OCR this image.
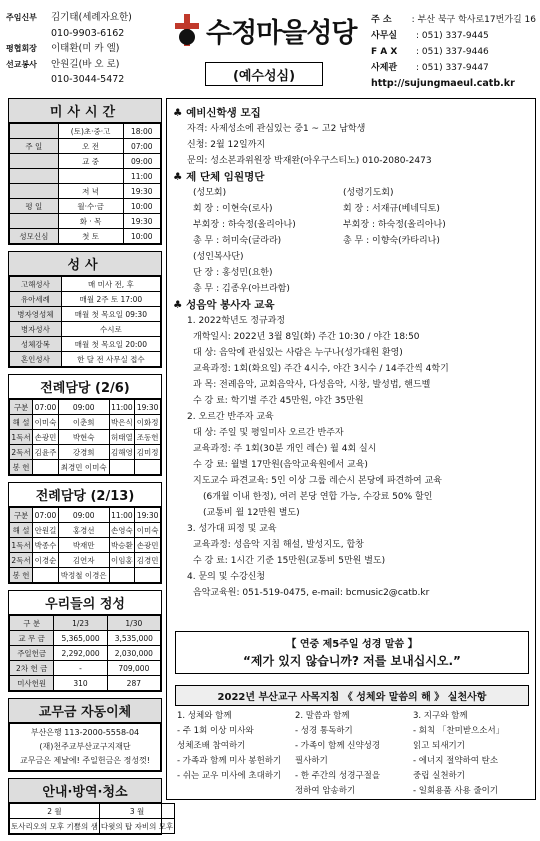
주임신부	김기태(세례자요한)
010-9903-6162
평협회장	이태환(미 카 엘)
선교봉사	안원길(바 오 로)
010-3044-5472
수정마을성당
(예수성심)
주 소	: 부산 북구 학사로17번가길 16
사무실	: 051) 337-9445
F A X	: 051) 337-9446
사제관	: 051) 337-9447
http://sujungmaeul.catb.kr
미사시간
	(토)초·중·고	18:00
주 일	오 전	07:00
	교 중	09:00
		11:00
	저 녁	19:30
평 일	월·수·금	10:00
	화 · 목	19:30
성모신심	첫 토	10:00
성사
고해성사	매 미사 전, 후
유아세례	매월 2주 토 17:00
병자영성체	매월 첫 목요일 09:30
병자성사	수시로
성체강복	매월 첫 목요일 20:00
혼인성사	한 달 전 사무실 접수
전례담당 (2/6)
구분	07:00	09:00	11:00	19:30
해 설	이미숙	이춘희	박은식	이화정
1독서	손광민	박현숙	허태열	조동헌
2독서	김윤주	강경희	김해영	김미정
봉 헌		최경민 이미숙		
전례담당 (2/13)
구분	07:00	09:00	11:00	19:30
해 설	안원길	홍경선	손영숙	이미숙
1독서	박종수	박재만	박승환	손광민
2독서	이경순	김연자	이임홍	김경민
봉 헌		박정철 이경은		
우리들의 정성
구 분	1/23	1/30
교 무 금	5,365,000	3,535,000
주일헌금	2,292,000	2,030,000
2차 헌 금	-	709,000
미사헌원	310	287
교무금 자동이체
부산은행 113-2000-5558-04
(재)천주교부산교구지재단
교무금은 제날에! 주일헌금은 정성껏!
안내·방역·청소
2 월	3 월
토사리오의 모후 기쁨의 샘	다윗의 탑 자비의 모후
♣ 예비신학생 모집
자격: 사제성소에 관심있는 중1 ~ 고2 남학생
신청: 2월 12일까지
문의: 성소본과위원장 박재완(아우구스티노) 010-2080-2473
♣ 제 단체 임원명단
(성모회)	(성령기도회)
회 장 : 이현숙(로사)	회 장 : 서재규(베네딕토)
부회장 : 하숙정(올리아나)	부회장 : 하숙정(올리아나)
총 무 : 허미숙(글라라)	총 무 : 이향숙(카타리나)
(성인복사단)
단 장 : 홍성민(요한)
총 무 : 김종우(아브라함)
♣ 성음악 봉사자 교육
1. 2022학년도 정규과정
개학일시: 2022년 3월 8일(화) 주간 10:30 / 야간 18:50
대 상: 음악에 관심있는 사람은 누구나(성가대원 환영)
교육과정: 1회(화요일) 주간 4시수, 야간 3시수 / 14주간씩 4학기
과 목: 전례음악, 교회음악사, 다성음악, 시창, 발성법, 핸드벨
수 강 료: 학기별 주간 45만원, 야간 35만원
2. 오르간 반주자 교육
대 상: 주일 및 평일미사 오르간 반주자
교육과정: 주 1회(30분 개인 레슨) 월 4회 실시
수 강 료: 월별 17만원(음악교육원에서 교육)
지도교수 파견교육: 5인 이상 그룹 레슨시 본당에 파견하여 교육
(6개월 이내 한정), 여러 본당 연합 가능, 수강료 50% 할인
(교통비 월 12만원 별도)
3. 성가대 피정 및 교육
교육과정: 성음악 지침 해설, 발성지도, 합창
수 강 료: 1시간 기준 15만원(교통비 5만원 별도)
4. 문의 및 수강신청
음악교육원: 051-519-0475, e-mail: bcmusic2@catb.kr
【 연중 제5주일 성경 말씀 】
“제가 있지 않습니까? 저를 보내십시오.”
2022년 부산교구 사목지침 《 성체와 말씀의 해 》 실천사항
1. 성체와 함께
- 주 1회 이상 미사와
성체조배 참여하기
- 가족과 함께 미사 봉헌하기
- 쉬는 교우 미사에 초대하기
2. 말씀과 함께
- 성경 통독하기
- 가족이 함께 신약성경
필사하기
- 한 주간의 성경구절을
정하여 암송하기
3. 지구와 함께
- 회칙 「찬미받으소서」
읽고 되새기기
- 에너지 절약하여 탄소
중립 실천하기
- 일회용품 사용 줄이기
